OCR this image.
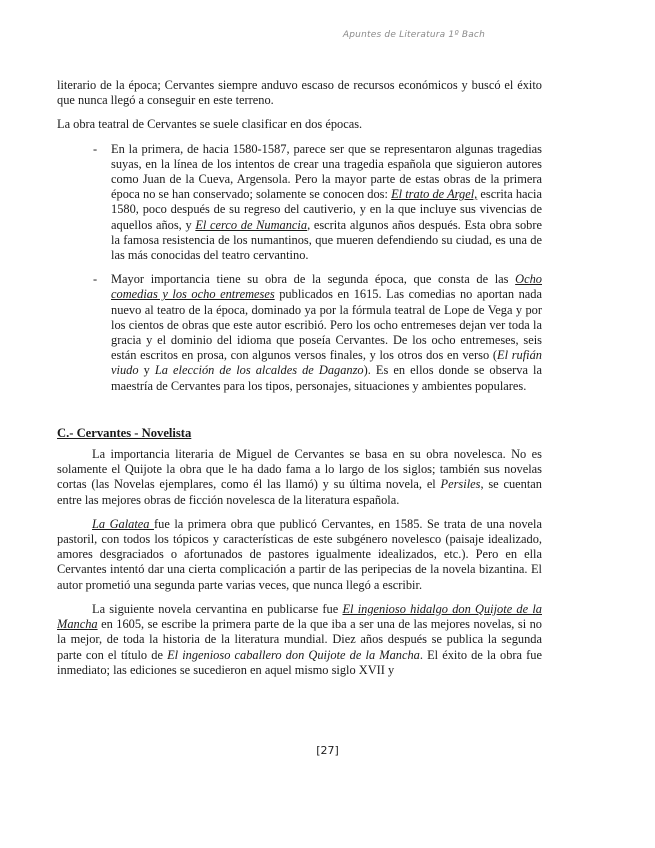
Apuntes de Literatura 1º Bach

literario de la época; Cervantes siempre anduvo escaso de recursos económicos y buscó el éxito que nunca llegó a conseguir en este terreno.

La obra teatral de Cervantes se suele clasificar en dos épocas.

- En la primera, de hacia 1580-1587, parece ser que se representaron algunas tragedias suyas, en la línea de los intentos de crear una tragedia española que siguieron autores como Juan de la Cueva, Argensola. Pero la mayor parte de estas obras de la primera época no se han conservado; solamente se conocen dos: El trato de Argel, escrita hacia 1580, poco después de su regreso del cautiverio, y en la que incluye sus vivencias de aquellos años, y El cerco de Numancia, escrita algunos años después. Esta obra sobre la famosa resistencia de los numantinos, que mueren defendiendo su ciudad, es una de las más conocidas del teatro cervantino.
- Mayor importancia tiene su obra de la segunda época, que consta de las Ocho comedias y los ocho entremeses publicados en 1615. Las comedias no aportan nada nuevo al teatro de la época, dominado ya por la fórmula teatral de Lope de Vega y por los cientos de obras que este autor escribió. Pero los ocho entremeses dejan ver toda la gracia y el dominio del idioma que poseía Cervantes. De los ocho entremeses, seis están escritos en prosa, con algunos versos finales, y los otros dos en verso (El rufián viudo y La elección de los alcaldes de Daganzo). Es en ellos donde se observa la maestría de Cervantes para los tipos, personajes, situaciones y ambientes populares.
C.- Cervantes - Novelista

La importancia literaria de Miguel de Cervantes se basa en su obra novelesca. No es solamente el Quijote la obra que le ha dado fama a lo largo de los siglos; también sus novelas cortas (las Novelas ejemplares, como él las llamó) y su última novela, el Persiles, se cuentan entre las mejores obras de ficción novelesca de la literatura española.

La Galatea fue la primera obra que publicó Cervantes, en 1585. Se trata de una novela pastoril, con todos los tópicos y características de este subgénero novelesco (paisaje idealizado, amores desgraciados o afortunados de pastores igualmente idealizados, etc.). Pero en ella Cervantes intentó dar una cierta complicación a partir de las peripecias de la novela bizantina. El autor prometió una segunda parte varias veces, que nunca llegó a escribir.

La siguiente novela cervantina en publicarse fue El ingenioso hidalgo don Quijote de la Mancha en 1605, se escribe la primera parte de la que iba a ser una de las mejores novelas, si no la mejor, de toda la historia de la literatura mundial. Diez años después se publica la segunda parte con el título de El ingenioso caballero don Quijote de la Mancha. El éxito de la obra fue inmediato; las ediciones se sucedieron en aquel mismo siglo XVII y

[27]
